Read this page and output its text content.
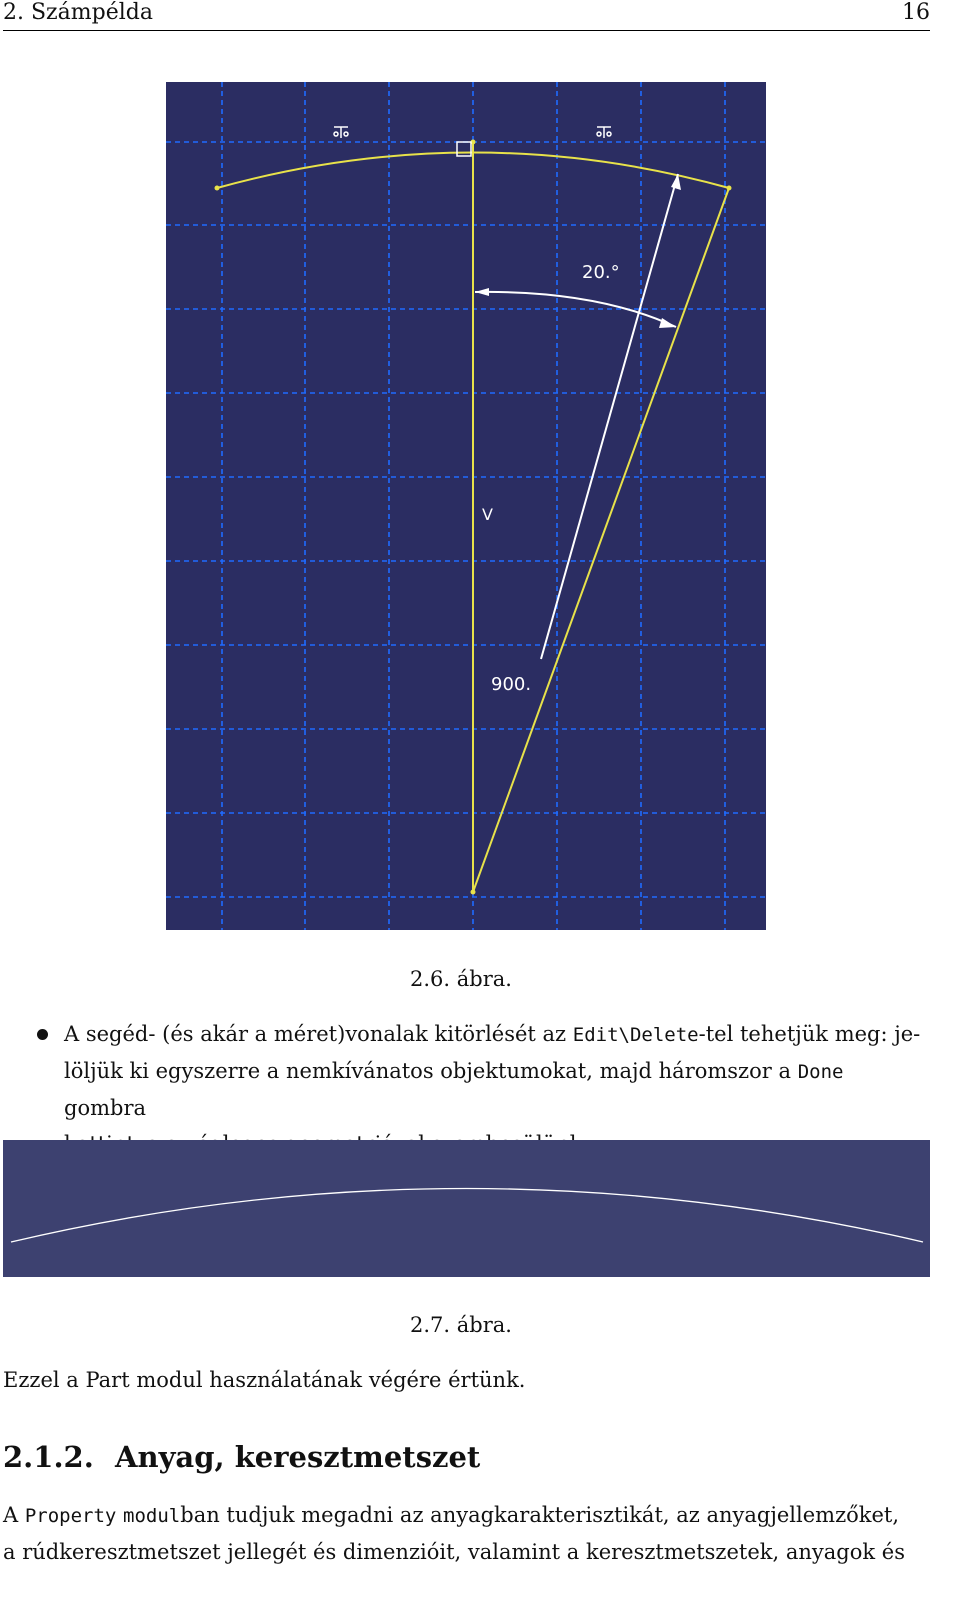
2. Számpélda	16
20.°
900.
V
2.6. ábra.
A segéd- (és akár a méret)vonalak kitörlését az Edit\Delete-tel tehetjük meg: je-
löljük ki egyszerre a nemkívánatos objektumokat, majd háromszor a Done gombra
2.7. ábra.
Ezzel a Part modul használatának végére értünk.
2.1.2. Anyag, keresztmetszet
A Property modulban tudjuk megadni az anyagkarakterisztikát, az anyagjellemzőket,
a rúdkeresztmetszet jellegét és dimenzióit, valamint a keresztmetszetek, anyagok és
